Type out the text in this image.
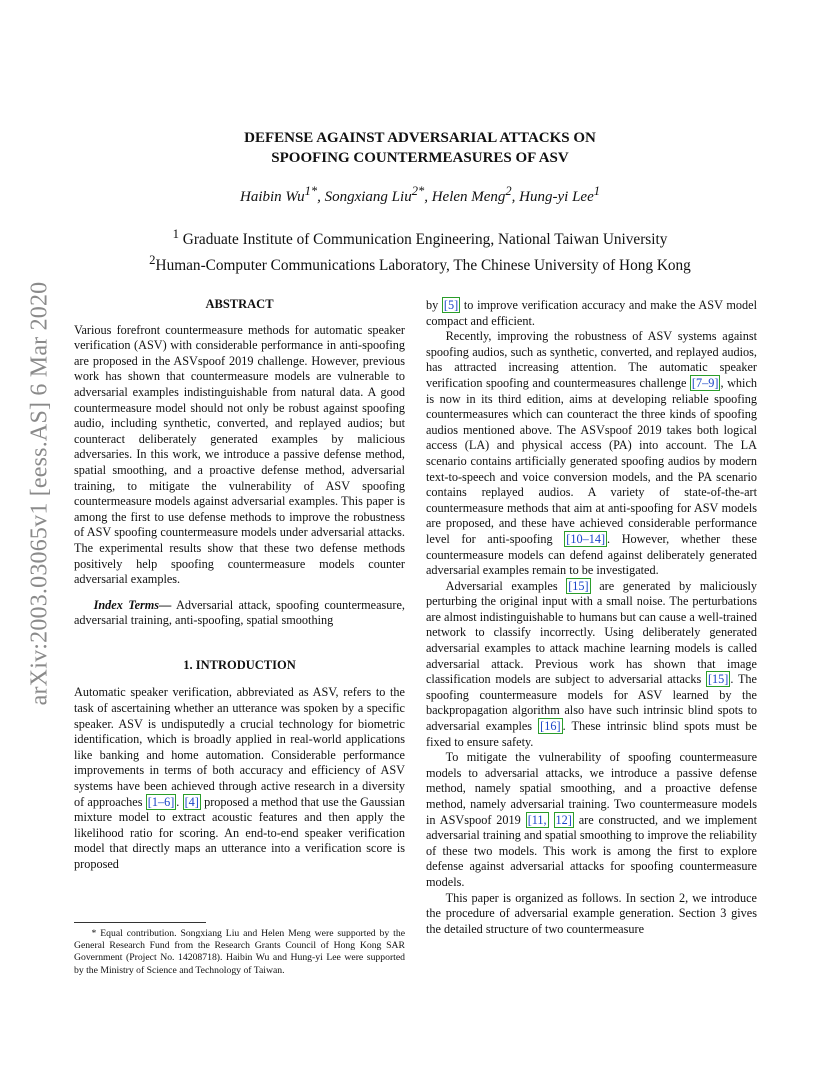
arXiv:2003.03065v1 [eess.AS] 6 Mar 2020
DEFENSE AGAINST ADVERSARIAL ATTACKS ON
SPOOFING COUNTERMEASURES OF ASV
Haibin $Wu^{1*}$, Songxiang Liu$^{2*}$, Helen Meng$^2$, Hung-yi Lee$^1$
$^1$ Graduate Institute of Communication Engineering, National Taiwan University
$^2$Human-Computer Communications Laboratory, The Chinese University of Hong Kong
ABSTRACT

Various forefront countermeasure methods for automatic speaker verification (ASV) with considerable performance in anti-spoofing are proposed in the ASVspoof 2019 challenge. However, previous work has shown that countermeasure models are vulnerable to adversarial examples indistinguishable from natural data. A good countermeasure model should not only be robust against spoofing audio, including synthetic, converted, and replayed audios; but counteract deliberately generated examples by malicious adversaries. In this work, we introduce a passive defense method, spatial smoothing, and a proactive defense method, adversarial training, to mitigate the vulnerability of ASV spoofing countermeasure models against adversarial examples. This paper is among the first to use defense methods to improve the robustness of ASV spoofing countermeasure models under adversarial attacks. The experimental results show that these two defense methods positively help spoofing countermeasure models counter adversarial examples.

Index Terms— Adversarial attack, spoofing countermeasure, adversarial training, anti-spoofing, spatial smoothing

1. INTRODUCTION

Automatic speaker verification, abbreviated as ASV, refers to the task of ascertaining whether an utterance was spoken by a specific speaker. ASV is undisputedly a crucial technology for biometric identification, which is broadly applied in real-world applications like banking and home automation. Considerable performance improvements in terms of both accuracy and efficiency of ASV systems have been achieved through active research in a diversity of approaches [1–6] . [4] proposed a method that use the Gaussian mixture model to extract acoustic features and then apply the likelihood ratio for scoring. An end-to-end speaker verification model that directly maps an utterance into a verification score is proposed

by [5] to improve verification accuracy and make the ASV model compact and efficient.

Recently, improving the robustness of ASV systems against spoofing audios, such as synthetic, converted, and replayed audios, has attracted increasing attention. The automatic speaker verification spoofing and countermeasures challenge [7–9] , which is now in its third edition, aims at developing reliable spoofing countermeasures which can counteract the three kinds of spoofing audios mentioned above. The ASVspoof 2019 takes both logical access (LA) and physical access (PA) into account. The LA scenario contains artificially generated spoofing audios by modern text-to-speech and voice conversion models, and the PA scenario contains replayed audios. A variety of state-of-the-art countermeasure methods that aim at anti-spoofing for ASV models are proposed, and these have achieved considerable performance level for anti-spoofing [10–14] . However, whether these countermeasure models can defend against deliberately generated adversarial examples remain to be investigated.

Adversarial examples [15] are generated by maliciously perturbing the original input with a small noise. The perturbations are almost indistinguishable to humans but can cause a well-trained network to classify incorrectly. Using deliberately generated adversarial examples to attack machine learning models is called adversarial attack. Previous work has shown that image classification models are subject to adversarial attacks [15] . The spoofing countermeasure models for ASV learned by the backpropagation algorithm also have such intrinsic blind spots to adversarial examples [16] . These intrinsic blind spots must be fixed to ensure safety.

To mitigate the vulnerability of spoofing countermeasure models to adversarial attacks, we introduce a passive defense method, namely spatial smoothing, and a proactive defense method, namely adversarial training. Two countermeasure models in ASVspoof 2019 [11, 12] are constructed, and we implement adversarial training and spatial smoothing to improve the reliability of these two models. This work is among the first to explore defense against adversarial attacks for spoofing countermeasure models.

This paper is organized as follows. In section 2, we introduce the procedure of adversarial example generation. Section 3 gives the detailed structure of two countermeasure

* Equal contribution. Songxiang Liu and Helen Meng were supported by the General Research Fund from the Research Grants Council of Hong Kong SAR Government (Project No. 14208718). Haibin Wu and Hung-yi Lee were supported by the Ministry of Science and Technology of Taiwan.
